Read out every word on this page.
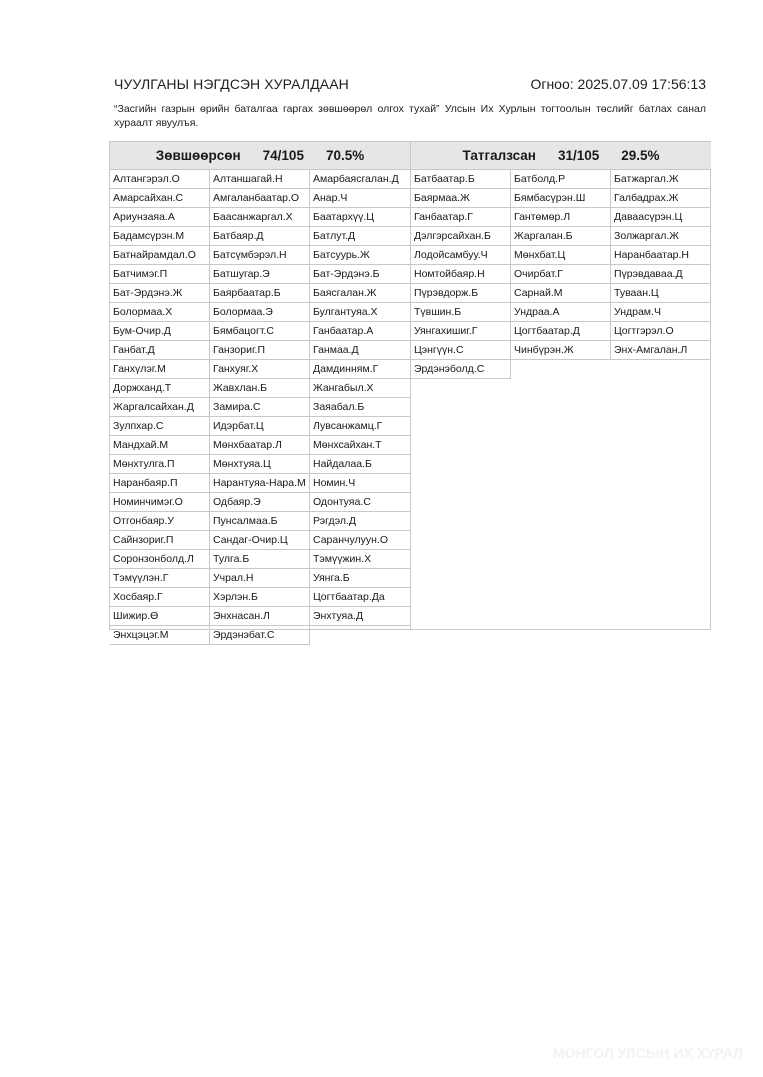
ЧУУЛГАНЫ НЭГДСЭН ХУРАЛДААН	Огноо: 2025.07.09 17:56:13
“Засгийн газрын өрийн баталгаа гаргах зөвшөөрөл олгох тухай” Улсын Их Хурлын тогтоолын төслийг батлах санал хураалт явуулъя.
Зөвшөөрсөн 74/105 70.5%
Алтангэрэл.О	Алтаншагай.Н	Амарбаясгалан.Д
Амарсайхан.С	Амгаланбаатар.О	Анар.Ч
Ариунзаяа.А	Баасанжаргал.Х	Баатархүү.Ц
Бадамсүрэн.М	Батбаяр.Д	Батлут.Д
Батнайрамдал.О	Батсүмбэрэл.Н	Батсуурь.Ж
Батчимэг.П	Батшугар.Э	Бат-Эрдэнэ.Б
Бат-Эрдэнэ.Ж	Баярбаатар.Б	Баясгалан.Ж
Болормаа.Х	Болормаа.Э	Булгантуяа.Х
Бум-Очир.Д	Бямбацогт.С	Ганбаатар.А
Ганбат.Д	Ганзориг.П	Ганмаа.Д
Ганхүлэг.М	Ганхуяг.Х	Дамдинням.Г
Доржханд.Т	Жавхлан.Б	Жангабыл.Х
Жаргалсайхан.Д	Замира.С	Заяабал.Б
Зулпхар.С	Идэрбат.Ц	Лувсанжамц.Г
Мандхай.М	Мөнхбаатар.Л	Мөнхсайхан.Т
Мөнхтулга.П	Мөнхтуяа.Ц	Найдалаа.Б
Наранбаяр.П	Нарантуяа-Нара.М Номин.Ч
Номинчимэг.О	Одбаяр.Э	Одонтуяа.С
Отгонбаяр.У	Пунсалмаа.Б	Рэгдэл.Д
Сайнзориг.П	Сандаг-Очир.Ц	Саранчулуун.О
Соронзонболд.Л	Тулга.Б	Тэмүүжин.Х
Тэмүүлэн.Г	Учрал.Н	Уянга.Б
Хосбаяр.Г	Хэрлэн.Б	Цогтбаатар.Да
Шижир.Ө	Энхнасан.Л	Энхтуяа.Д
Энхцэцэг.М	Эрдэнэбат.С
Татгалзсан 31/105 29.5%
Батбаатар.Б	Батболд.Р	Батжаргал.Ж
Баярмаа.Ж	Бямбасүрэн.Ш	Галбадрах.Ж
Ганбаатар.Г	Гантөмөр.Л	Даваасүрэн.Ц
Дэлгэрсайхан.Б	Жаргалан.Б	Золжаргал.Ж
Лодойсамбуу.Ч	Мөнхбат.Ц	Наранбаатар.Н
Номтойбаяр.Н	Очирбат.Г	Пүрэвдаваа.Д
Пүрэвдорж.Б	Сарнай.М	Туваан.Ц
Түвшин.Б	Ундраа.А	Ундрам.Ч
Уянгахишиг.Г	Цогтбаатар.Д	Цогтгэрэл.О
Цэнгүүн.С	Чинбүрэн.Ж	Энх-Амгалан.Л
Эрдэнэболд.С
МОНГОЛ УЛСЫН ИХ ХУРАЛ
